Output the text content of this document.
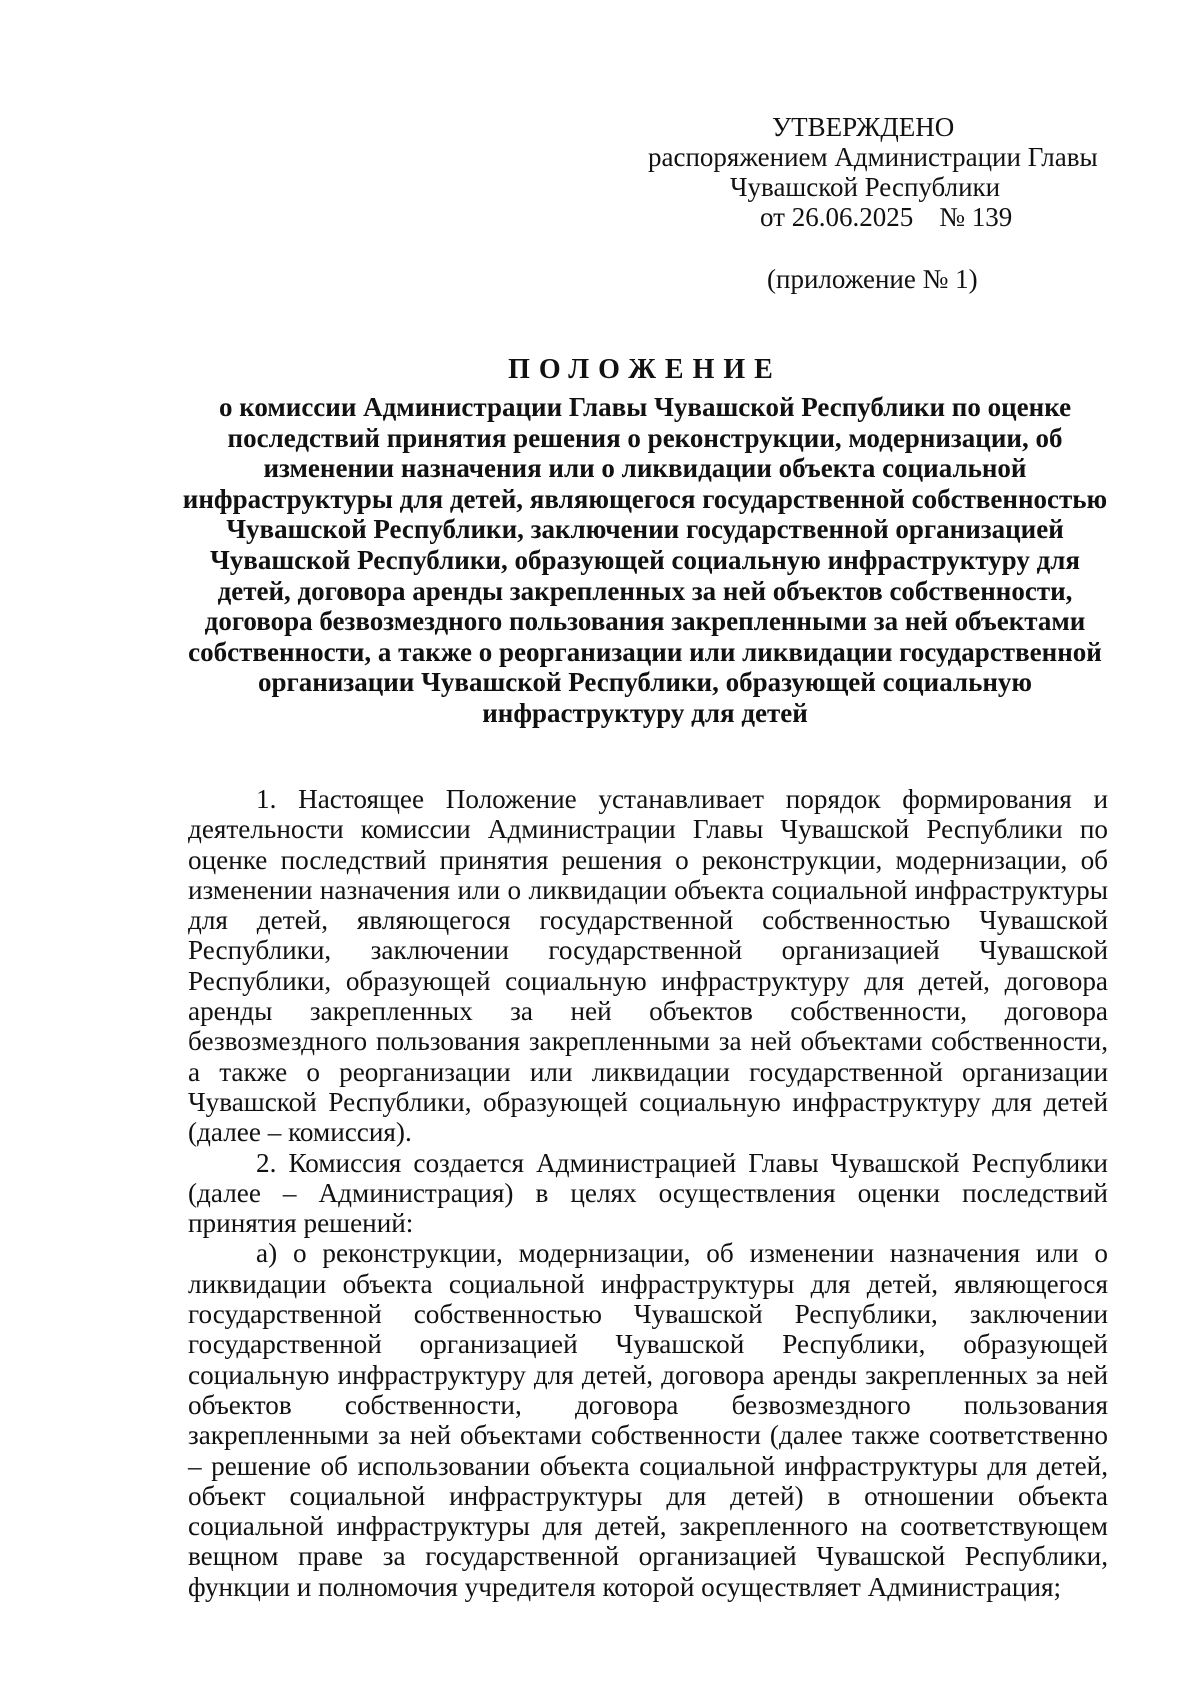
УТВЕРЖДЕНО
распоряжением Администрации Главы
Чувашской Республики
от 26.06.2025 № 139
(приложение № 1)
ПОЛОЖЕНИЕ
о комиссии Администрации Главы Чувашской Республики по оценке последствий принятия решения о реконструкции, модернизации, об изменении назначения или о ликвидации объекта социальной инфраструктуры для детей, являющегося государственной собственностью Чувашской Республики, заключении государственной организацией Чувашской Республики, образующей социальную инфраструктуру для детей, договора аренды закрепленных за ней объектов собственности, договора безвозмездного пользования закрепленными за ней объектами собственности, а также о реорганизации или ликвидации государственной организации Чувашской Республики, образующей социальную инфраструктуру для детей

1. Настоящее Положение устанавливает порядок формирования и деятельности комиссии Администрации Главы Чувашской Республики по оценке последствий принятия решения о реконструкции, модернизации, об изменении назначения или о ликвидации объекта социальной инфраструктуры для детей, являющегося государственной собственностью Чувашской Республики, заключении государственной организацией Чувашской Республики, образующей социальную инфраструктуру для детей, договора аренды закрепленных за ней объектов собственности, договора безвозмездного пользования закрепленными за ней объектами собственности, а также о реорганизации или ликвидации государственной организации Чувашской Республики, образующей социальную инфраструктуру для детей (далее – комиссия).

2. Комиссия создается Администрацией Главы Чувашской Республики (далее – Администрация) в целях осуществления оценки последствий принятия решений:

а) о реконструкции, модернизации, об изменении назначения или о ликвидации объекта социальной инфраструктуры для детей, являющегося государственной собственностью Чувашской Республики, заключении государственной организацией Чувашской Республики, образующей социальную инфраструктуру для детей, договора аренды закрепленных за ней объектов собственности, договора безвозмездного пользования закрепленными за ней объектами собственности (далее также соответственно – решение об использовании объекта социальной инфраструктуры для детей, объект социальной инфраструктуры для детей) в отношении объекта социальной инфраструктуры для детей, закрепленного на соответствующем вещном праве за государственной организацией Чувашской Республики, функции и полномочия учредителя которой осуществляет Администрация;
